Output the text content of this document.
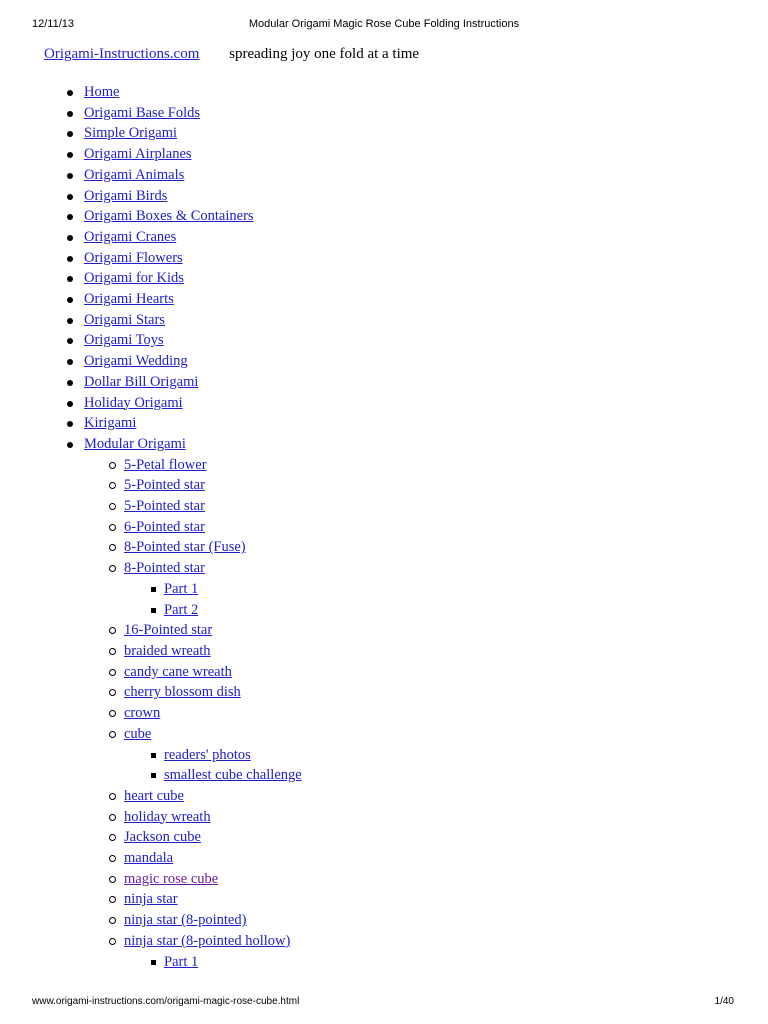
12/11/13	Modular Origami Magic Rose Cube Folding Instructions
Origami-Instructions.com spreading joy one fold at a time
Home
Origami Base Folds
Simple Origami
Origami Airplanes
Origami Animals
Origami Birds
Origami Boxes & Containers
Origami Cranes
Origami Flowers
Origami for Kids
Origami Hearts
Origami Stars
Origami Toys
Origami Wedding
Dollar Bill Origami
Holiday Origami
Kirigami
Modular Origami
5-Petal flower
5-Pointed star
5-Pointed star
6-Pointed star
8-Pointed star (Fuse)
8-Pointed star
Part 1
Part 2
16-Pointed star
braided wreath
candy cane wreath
cherry blossom dish
crown
cube
readers' photos
smallest cube challenge
heart cube
holiday wreath
Jackson cube
mandala
magic rose cube
ninja star
ninja star (8-pointed)
ninja star (8-pointed hollow)
Part 1
www.origami-instructions.com/origami-magic-rose-cube.html	1/40
